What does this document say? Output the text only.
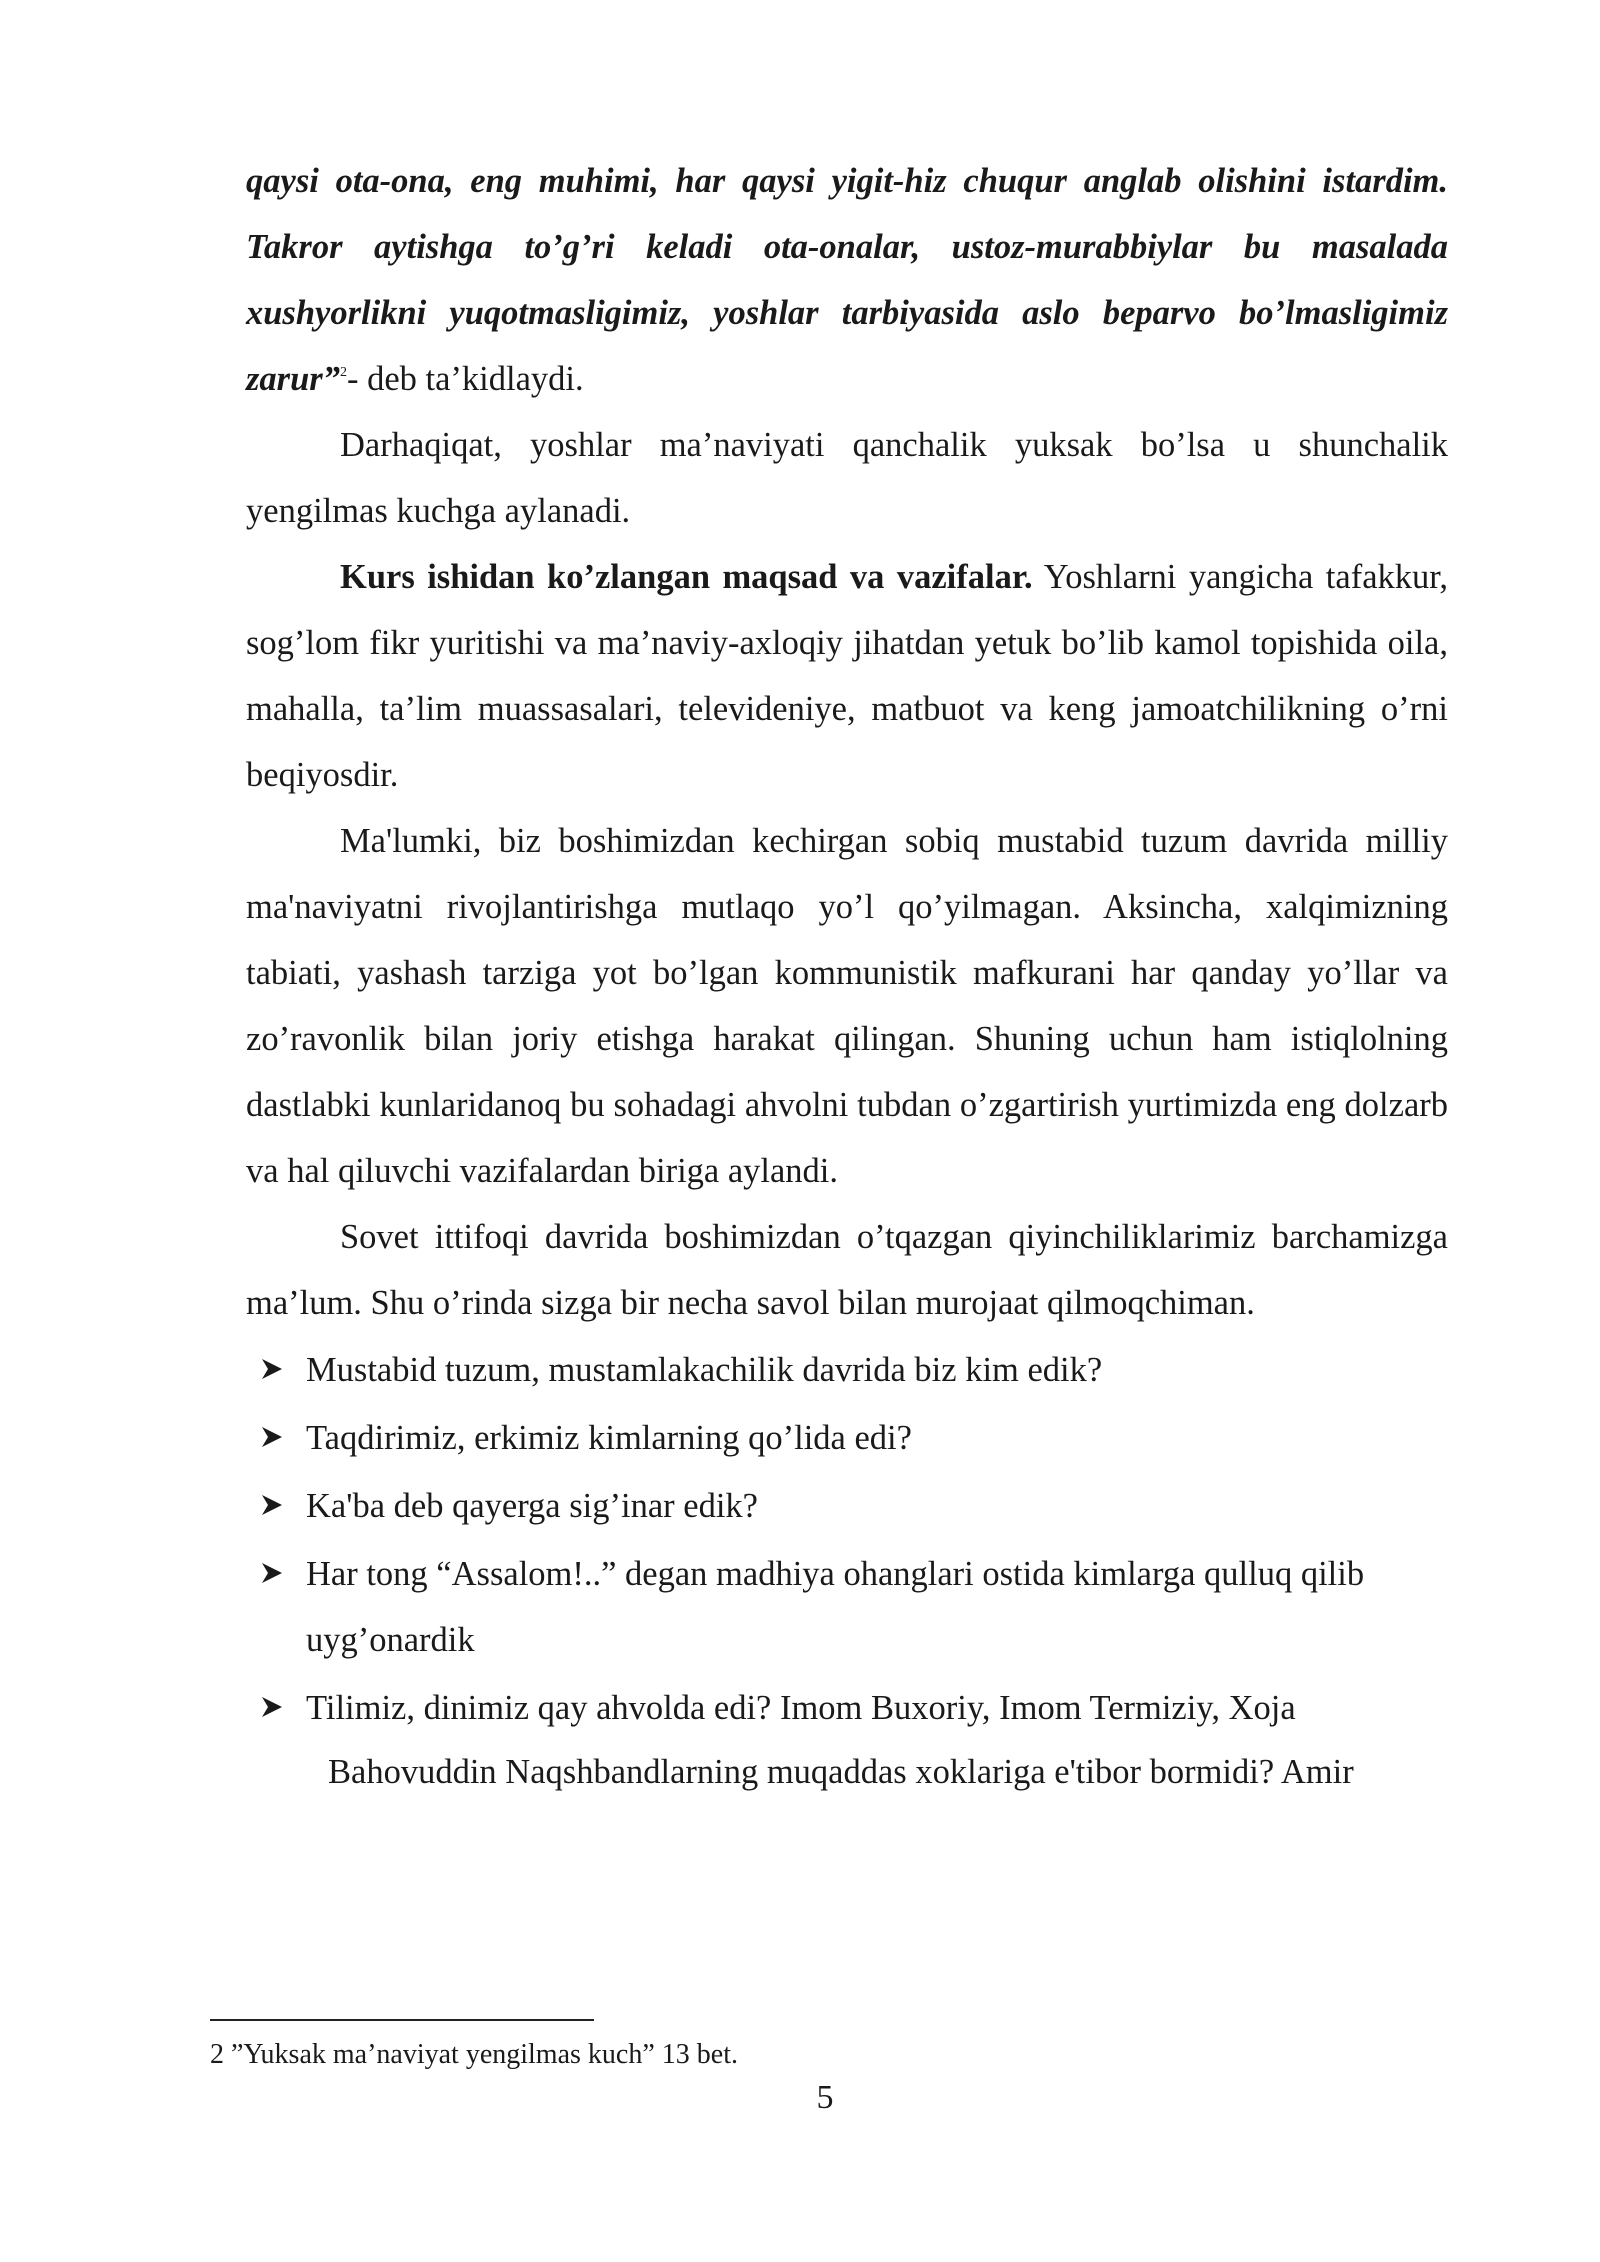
qaysi ota-ona, eng muhimi, har qaysi yigit-hiz chuqur anglab olishini istardim. Takror aytishga to’g’ri keladi ota-onalar, ustoz-murabbiylar bu masalada xushyorlikni yuqotmasligimiz, yoshlar tarbiyasida aslo beparvo bo’lmasligimiz zarur”$^2$- deb ta’kidlaydi.

Darhaqiqat, yoshlar ma’naviyati qanchalik yuksak bo’lsa u shunchalik yengilmas kuchga aylanadi.

Kurs ishidan ko’zlangan maqsad va vazifalar. Yoshlarni yangicha tafakkur, sog’lom fikr yuritishi va ma’naviy-axloqiy jihatdan yetuk bo’lib kamol topishida oila, mahalla, ta’lim muassasalari, televideniye, matbuot va keng jamoatchilikning o’rni beqiyosdir.

Ma'lumki, biz boshimizdan kechirgan sobiq mustabid tuzum davrida milliy ma'naviyatni rivojlantirishga mutlaqo yo’l qo’yilmagan. Aksincha, xalqimizning tabiati, yashash tarziga yot bo’lgan kommunistik mafkurani har qanday yo’llar va zo’ravonlik bilan joriy etishga harakat qilingan. Shuning uchun ham istiqlolning dastlabki kunlaridanoq bu sohadagi ahvolni tubdan o’zgartirish yurtimizda eng dolzarb va hal qiluvchi vazifalardan biriga aylandi.

Sovet ittifoqi davrida boshimizdan o’tqazgan qiyinchiliklarimiz barchamizga ma’lum. Shu o’rinda sizga bir necha savol bilan murojaat qilmoqchiman.

Mustabid tuzum, mustamlakachilik davrida biz kim edik?
Taqdirimiz, erkimiz kimlarning qo’lida edi?
Ka'ba deb qayerga sig’inar edik?
Har tong “Assalom!..” degan madhiya ohanglari ostida kimlarga qulluq qilib
uyg’onardik
Tilimiz, dinimiz qay ahvolda edi? Imom Buxoriy, Imom Termiziy, Xoja
Bahovuddin Naqshbandlarning muqaddas xoklariga e'tibor bormidi? Amir
2 ”Yuksak ma’naviyat yengilmas kuch” 13 bet.
5
